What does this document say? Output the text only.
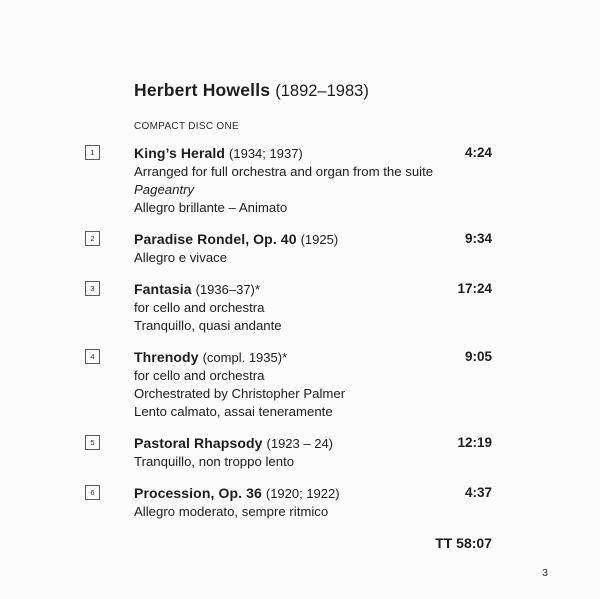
Herbert Howells (1892–1983)
COMPACT DISC ONE
1	King’s Herald (1934; 1937)
Arranged for full orchestra and organ from the suite
Pageantry
Allegro brillante – Animato
4:24
2	Paradise Rondel, Op. 40 (1925)
Allegro e vivace
9:34
3	Fantasia (1936–37)*
for cello and orchestra
Tranquillo, quasi andante
17:24
4	Threnody (compl. 1935)*
for cello and orchestra
Orchestrated by Christopher Palmer
Lento calmato, assai teneramente
9:05
5	Pastoral Rhapsody (1923 – 24)
Tranquillo, non troppo lento
12:19
6	Procession, Op. 36 (1920; 1922)
Allegro moderato, sempre ritmico
4:37
TT 58:07
3
